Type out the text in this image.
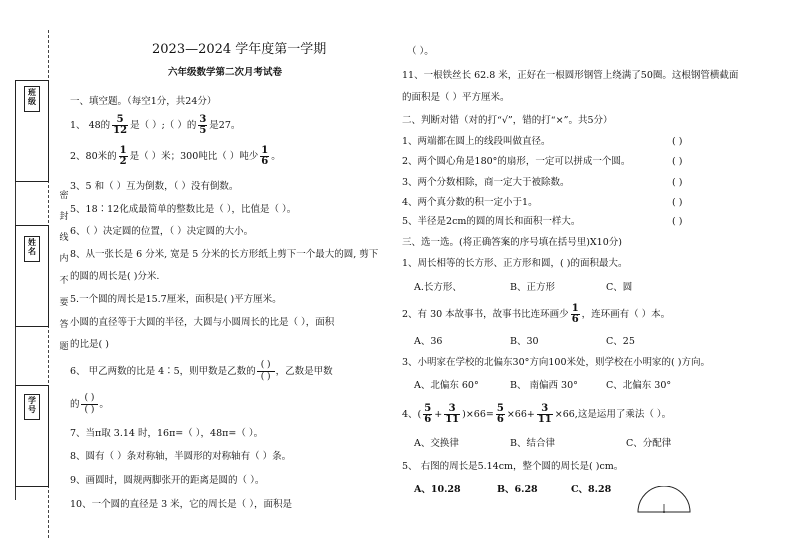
班级
姓名
学号
密
封
线
内
不
要
答
题
2023—2024 学年度第一学期
六年级数学第二次月考试卷
一、填空题。（每空1分，共24分）
1、 48的 $\frac{5}{12}$ 是（ ）;（ ）的 $\frac{3}{5}$ 是27。
2、80米的 $\frac{1}{2}$ 是（ ）米；300吨比（ ）吨少 $\frac{1}{6}$ 。
3、5 和（ ）互为倒数，（ ）没有倒数。
5、18∶12化成最简单的整数比是（ ），比值是（ ）。
6、（ ）决定圆的位置，（ ）决定圆的大小。
8、从一张长是 6 分米, 宽是 5 分米的长方形纸上剪下一个最大的圆, 剪下
的圆的周长是( )分米.
5.一个圆的周长是15.7厘米，面积是( )平方厘米。
小圆的直径等于大圆的半径，大圆与小圆周长的比是（ ），面积
的比是( )
6、 甲乙两数的比是 4∶5，则甲数是乙数的
( )
( ) ，乙数是甲数
的
( )
( ) 。
7、当π取 3.14 时，16π=（ ），48π=（ ）。
8、圆有（ ）条对称轴，半圆形的对称轴有（ ）条。
9、画圆时，圆规两脚张开的距离是圆的（ ）。
10、一个圆的直径是 3 米，它的周长是（ ），面积是
（ ）。
11、一根铁丝长 62.8 米，正好在一根圆形钢管上绕满了50圈。这根钢管横截面
的面积是（ ）平方厘米。
二、判断对错（对的打“√”，错的打“×”。共5分）
1、两端都在圆上的线段叫做直径。	( )
2、两个圆心角是180°的扇形，一定可以拼成一个圆。	( )
3、两个分数相除，商一定大于被除数。	( )
4、两个真分数的积一定小于1。	( )
5、半径是2cm的圆的周长和面积一样大。	( )
三、选一选。(将正确答案的序号填在括号里)X10分)
1、周长相等的长方形、正方形和圆，( )的面积最大。
A.长方形、	B、正方形	C、圆
2、有 30 本故事书，故事书比连环画少 $\frac{1}{6}$ ，连环画有（ ）本。
A、36	B、30	C、25
3、小明家在学校的北偏东30°方向100米处，则学校在小明家的( )方向。
A、北偏东 60°	B、 南偏西 30°	C、北偏东 30°
4、( $\frac{5}{6} + \frac{3}{11} )\times 66= \frac{5}{6} \times 66+ \frac{3}{11} \times 66$,这是运用了乘法（ ）。
A、交换律	B、结合律	C、分配律
5、 右图的周长是5.14cm，整个圆的周长是( )cm。
A、10.28	B、6.28	C、8.28
